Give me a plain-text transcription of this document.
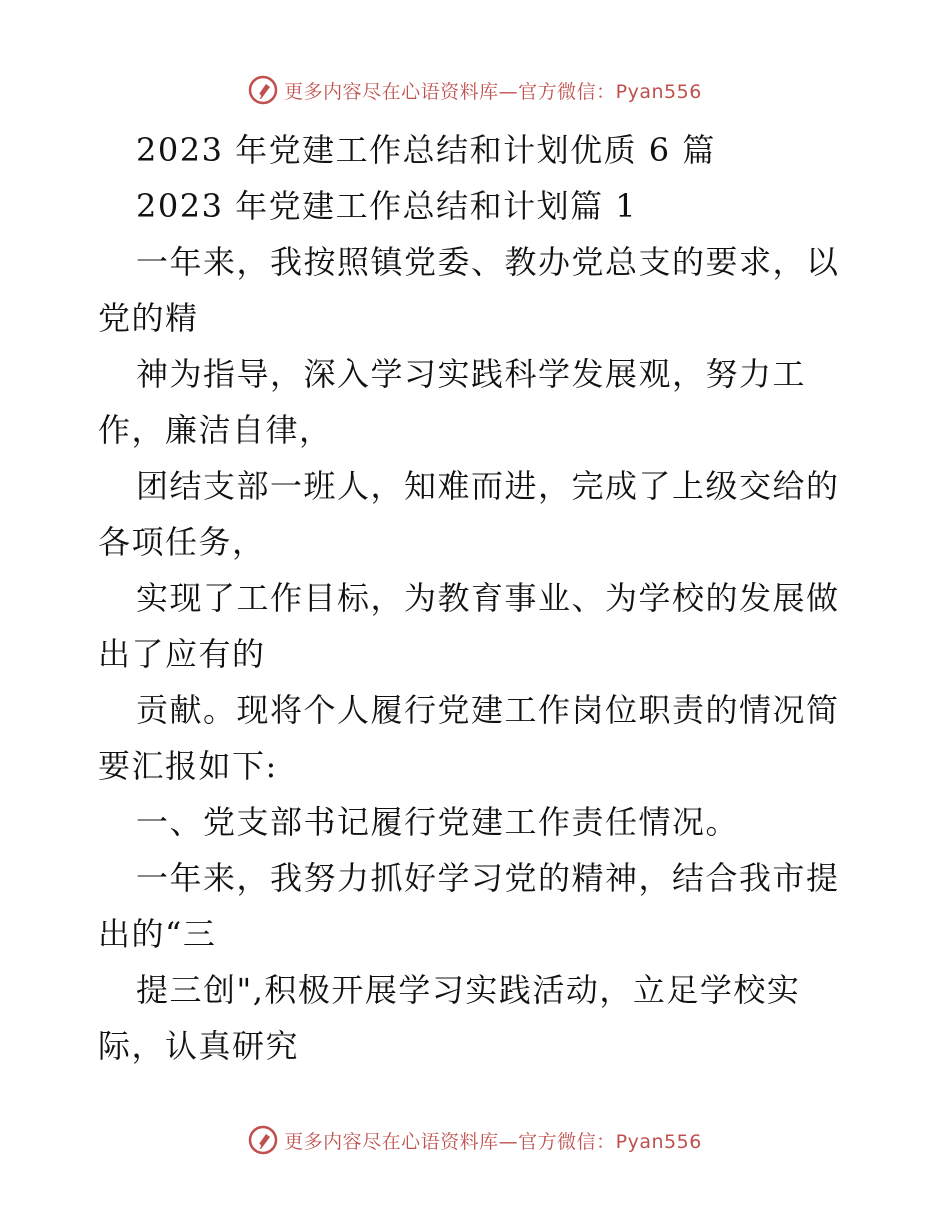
更多内容尽在心语资料库—官方微信：Pyan556
2023 年党建工作总结和计划优质 6 篇
2023 年党建工作总结和计划篇 1
一年来，我按照镇党委、教办党总支的要求，以
党的精
神为指导，深入学习实践科学发展观，努力工
作，廉洁自律，
团结支部一班人，知难而进，完成了上级交给的
各项任务，
实现了工作目标，为教育事业、为学校的发展做
出了应有的
贡献。现将个人履行党建工作岗位职责的情况简
要汇报如下:
一、党支部书记履行党建工作责任情况。
一年来，我努力抓好学习党的精神，结合我市提
出的“三
提三创",积极开展学习实践活动，立足学校实
际，认真研究
更多内容尽在心语资料库—官方微信：Pyan556
